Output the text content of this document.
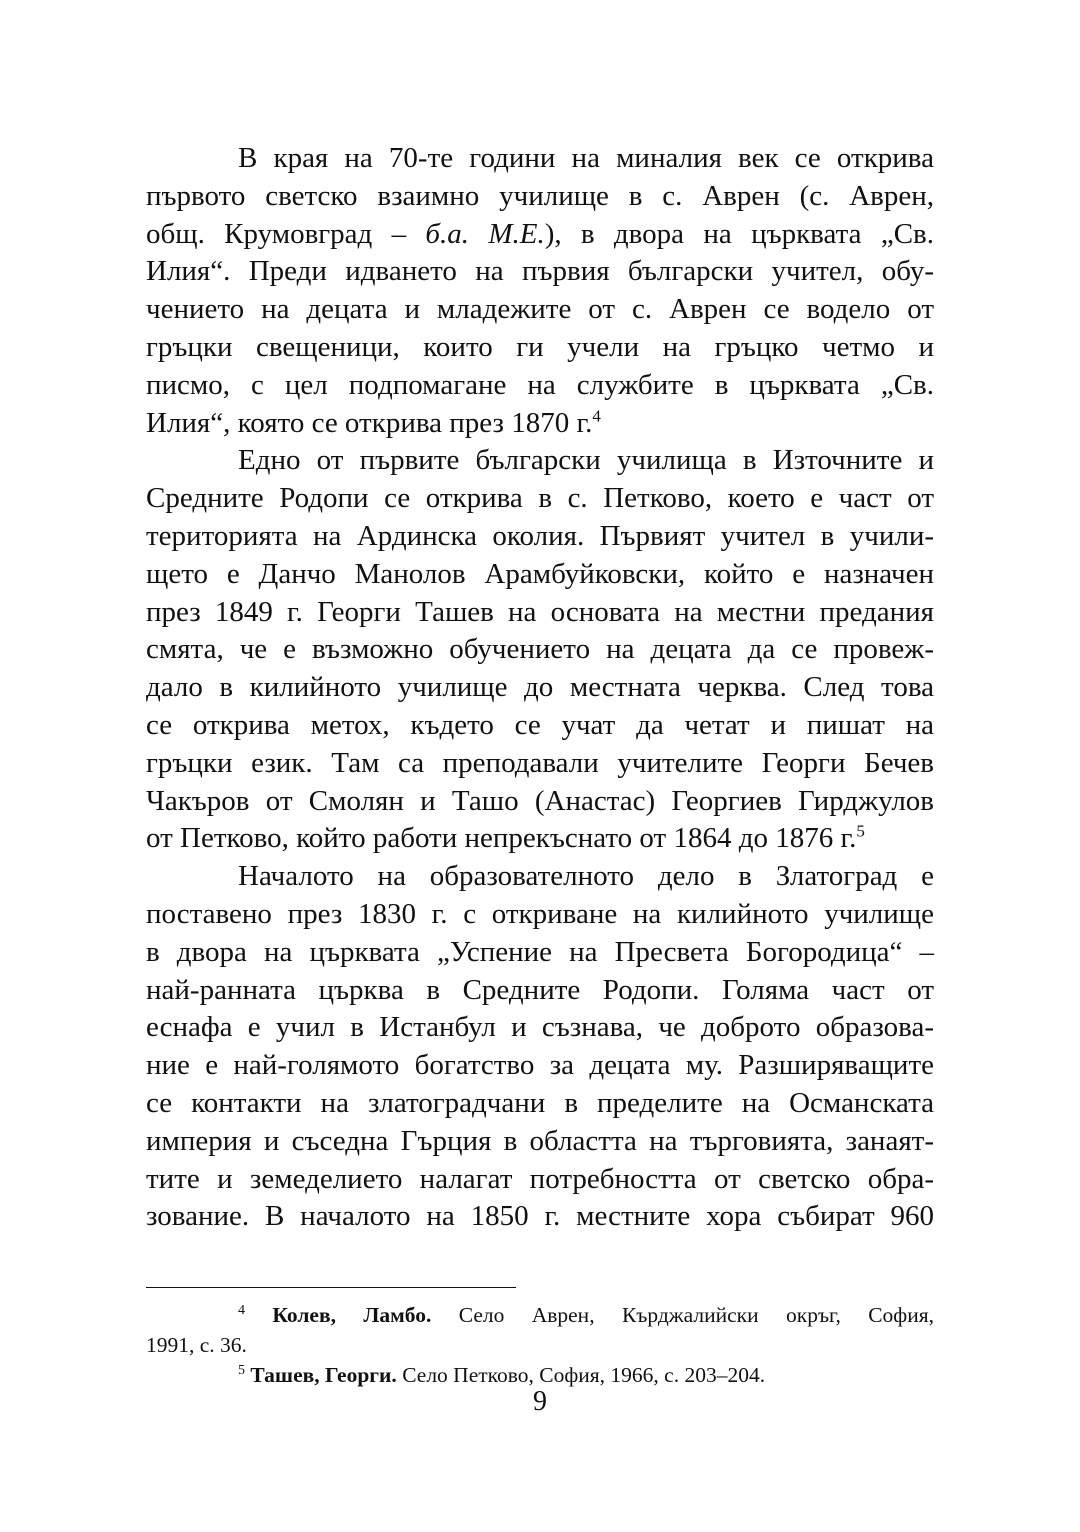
В края на 70-те години на миналия век се открива
първото светско взаимно училище в с. Аврен (с. Аврен,
общ. Крумовград – б.а. М.Е.), в двора на църквата „Св.
Илия“. Преди идването на първия български учител, обу-
чението на децата и младежите от с. Аврен се водело от
гръцки свещеници, които ги учели на гръцко четмо и
писмо, с цел подпомагане на службите в църквата „Св.
Илия“, която се открива през 1870 г.$^4$
Едно от първите български училища в Източните и
Средните Родопи се открива в с. Петково, което е част от
територията на Ардинска околия. Първият учител в учили-
щето е Данчо Манолов Арамбуйковски, който е назначен
през 1849 г. Георги Ташев на основата на местни предания
смята, че е възможно обучението на децата да се провеж-
дало в килийното училище до местната черква. След това
се открива метох, където се учат да четат и пишат на
гръцки език. Там са преподавали учителите Георги Бечев
Чакъров от Смолян и Ташо (Анастас) Георгиев Гирджулов
от Петково, който работи непрекъснато от 1864 до 1876 г.$^5$
Началото на образователното дело в Златоград е
поставено през 1830 г. с откриване на килийното училище
в двора на църквата „Успение на Пресвета Богородица“ –
най-ранната църква в Средните Родопи. Голяма част от
еснафа е учил в Истанбул и съзнава, че доброто образова-
ние е най-голямото богатство за децата му. Разширяващите
се контакти на златоградчани в пределите на Османската
империя и съседна Гърция в областта на търговията, занаят-
тите и земеделието налагат потребността от светско обра-
зование. В началото на 1850 г. местните хора събират 960
$^4$ Колев, Ламбо. Село Аврен, Кърджалийски окръг, София,
1991, с. 36.
$^5$ Ташев, Георги. Село Петково, София, 1966, с. 203–204.
9
